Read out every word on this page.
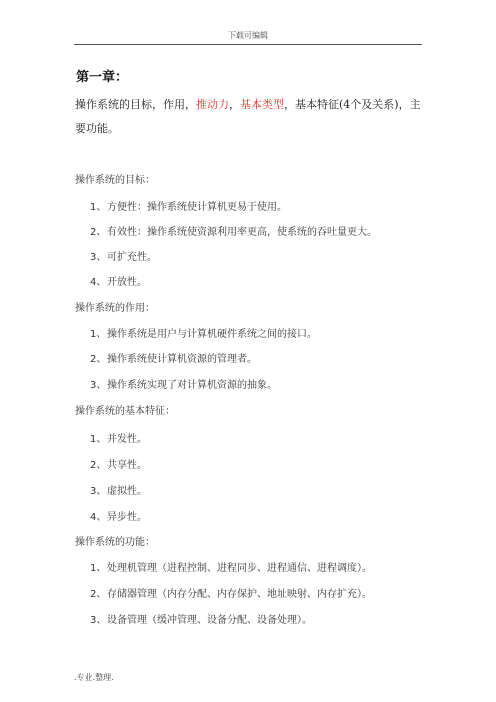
下载可编辑
第一章：
操作系统的目标，作用，推动力，基本类型，基本特征(4个及关系)，主要功能。
操作系统的目标：
1、方便性：操作系统使计算机更易于使用。
2、有效性：操作系统使资源利用率更高，使系统的吞吐量更大。
3、可扩充性。
4、开放性。
操作系统的作用：
1、操作系统是用户与计算机硬件系统之间的接口。
2、操作系统使计算机资源的管理者。
3、操作系统实现了对计算机资源的抽象。
操作系统的基本特征：
1、并发性。
2、共享性。
3、虚拟性。
4、异步性。
操作系统的功能：
1、处理机管理（进程控制、进程同步、进程通信、进程调度）。
2、存储器管理（内存分配、内存保护、地址映射、内存扩充）。
3、设备管理（缓冲管理、设备分配、设备处理）。
.专业.整理.
